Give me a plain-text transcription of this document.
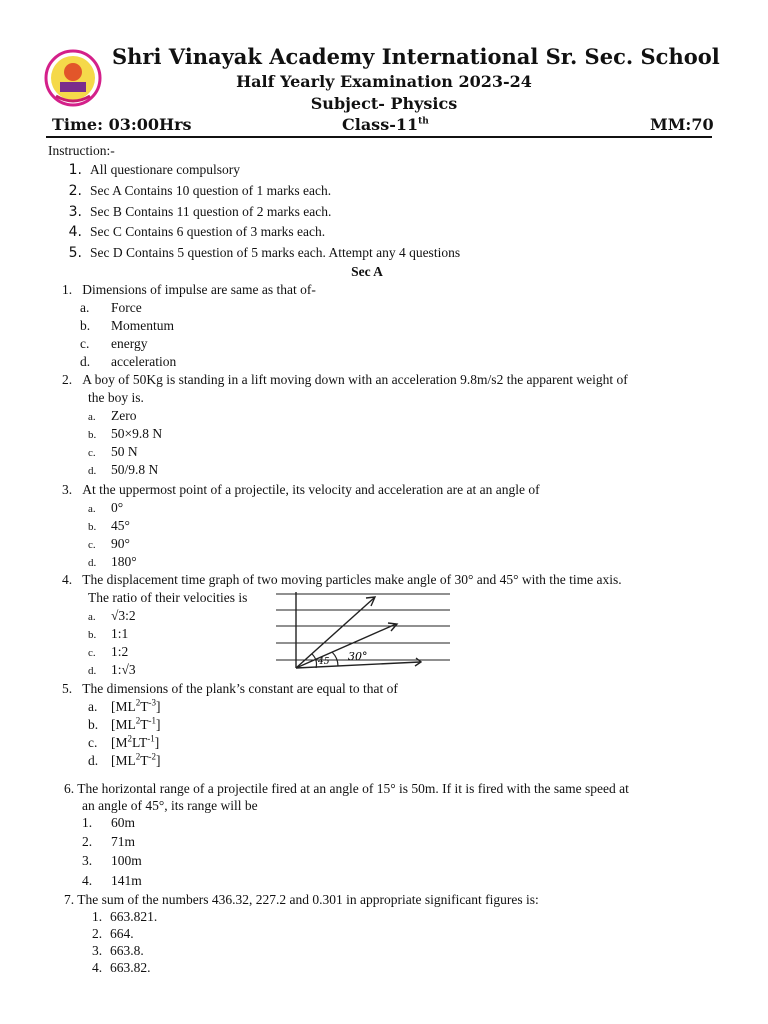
Shri Vinayak Academy International Sr. Sec. School
Half Yearly Examination 2023-24
Subject- Physics
Time: 03:00Hrs	Class-11th	MM:70
Instruction:-
1. All questionare compulsory
2. Sec A Contains 10 question of 1 marks each.
3. Sec B Contains 11 question of 2 marks each.
4. Sec C Contains 6 question of 3 marks each.
5. Sec D Contains 5 question of 5 marks each. Attempt any 4 questions
Sec A
1. Dimensions of impulse are same as that of-
a. Force
b. Momentum
c. energy
d. acceleration
2. A boy of 50Kg is standing in a lift moving down with an acceleration 9.8m/s2 the apparent weight of
the boy is.
a. Zero
b. 50×9.8 N
c. 50 N
d. 50/9.8 N
3. At the uppermost point of a projectile, its velocity and acceleration are at an angle of
a. 0°
b. 45°
c. 90°
d. 180°
4. The displacement time graph of two moving particles make angle of 30° and 45° with the time axis.
The ratio of their velocities is
a. √3:2
b. 1:1
c. 1:2
d. 1:√3	45 30°
5. The dimensions of the plank’s constant are equal to that of
a. $[ML^2T^{-3}]$
b. $[ML^2T^{-1}]$
c. $[M^2LT^{-1}]$
d. $[ML^2T^{-2}]$
6. The horizontal range of a projectile fired at an angle of 15° is 50m. If it is fired with the same speed at
an angle of 45°, its range will be
1. 60m
2. 71m
3. 100m
4. 141m
7. The sum of the numbers 436.32, 227.2 and 0.301 in appropriate significant figures is:
1. 663.821.
2. 664.
3. 663.8.
4. 663.82.
